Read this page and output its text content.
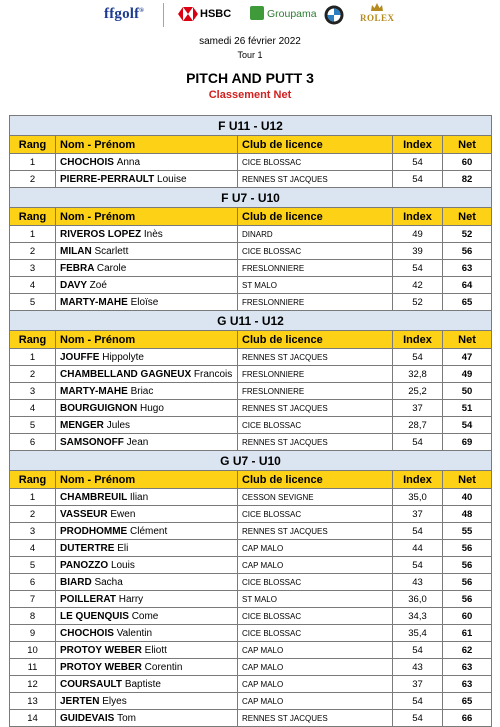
ffgolf®	HSBC	Groupama	ROLEX
samedi 26 février 2022
Tour 1
PITCH AND PUTT 3
Classement Net
F U11 - U12				
Rang	Nom - Prénom	Club de licence	Index	Net
1	CHOCHOIS Anna	CICE BLOSSAC	54	60
2	PIERRE-PERRAULT Louise	RENNES ST JACQUES	54	82
F U7 - U10				
Rang	Nom - Prénom	Club de licence	Index	Net
1	RIVEROS LOPEZ Inès	DINARD	49	52
2	MILAN Scarlett	CICE BLOSSAC	39	56
3	FEBRA Carole	FRESLONNIERE	54	63
4	DAVY Zoé	ST MALO	42	64
5	MARTY-MAHE Eloïse	FRESLONNIERE	52	65
G U11 - U12				
Rang	Nom - Prénom	Club de licence	Index	Net
1	JOUFFE Hippolyte	RENNES ST JACQUES	54	47
2	CHAMBELLAND GAGNEUX Francois	FRESLONNIERE	32,8	49
3	MARTY-MAHE Briac	FRESLONNIERE	25,2	50
4	BOURGUIGNON Hugo	RENNES ST JACQUES	37	51
5	MENGER Jules	CICE BLOSSAC	28,7	54
6	SAMSONOFF Jean	RENNES ST JACQUES	54	69
G U7 - U10				
Rang	Nom - Prénom	Club de licence	Index	Net
1	CHAMBREUIL Ilian	CESSON SEVIGNE	35,0	40
2	VASSEUR Ewen	CICE BLOSSAC	37	48
3	PRODHOMME Clément	RENNES ST JACQUES	54	55
4	DUTERTRE Eli	CAP MALO	44	56
5	PANOZZO Louis	CAP MALO	54	56
6	BIARD Sacha	CICE BLOSSAC	43	56
7	POILLERAT Harry	ST MALO	36,0	56
8	LE QUENQUIS Come	CICE BLOSSAC	34,3	60
9	CHOCHOIS Valentin	CICE BLOSSAC	35,4	61
10	PROTOY WEBER Eliott	CAP MALO	54	62
11	PROTOY WEBER Corentin	CAP MALO	43	63
12	COURSAULT Baptiste	CAP MALO	37	63
13	JERTEN Elyes	CAP MALO	54	65
14	GUIDEVAIS Tom	RENNES ST JACQUES	54	66
